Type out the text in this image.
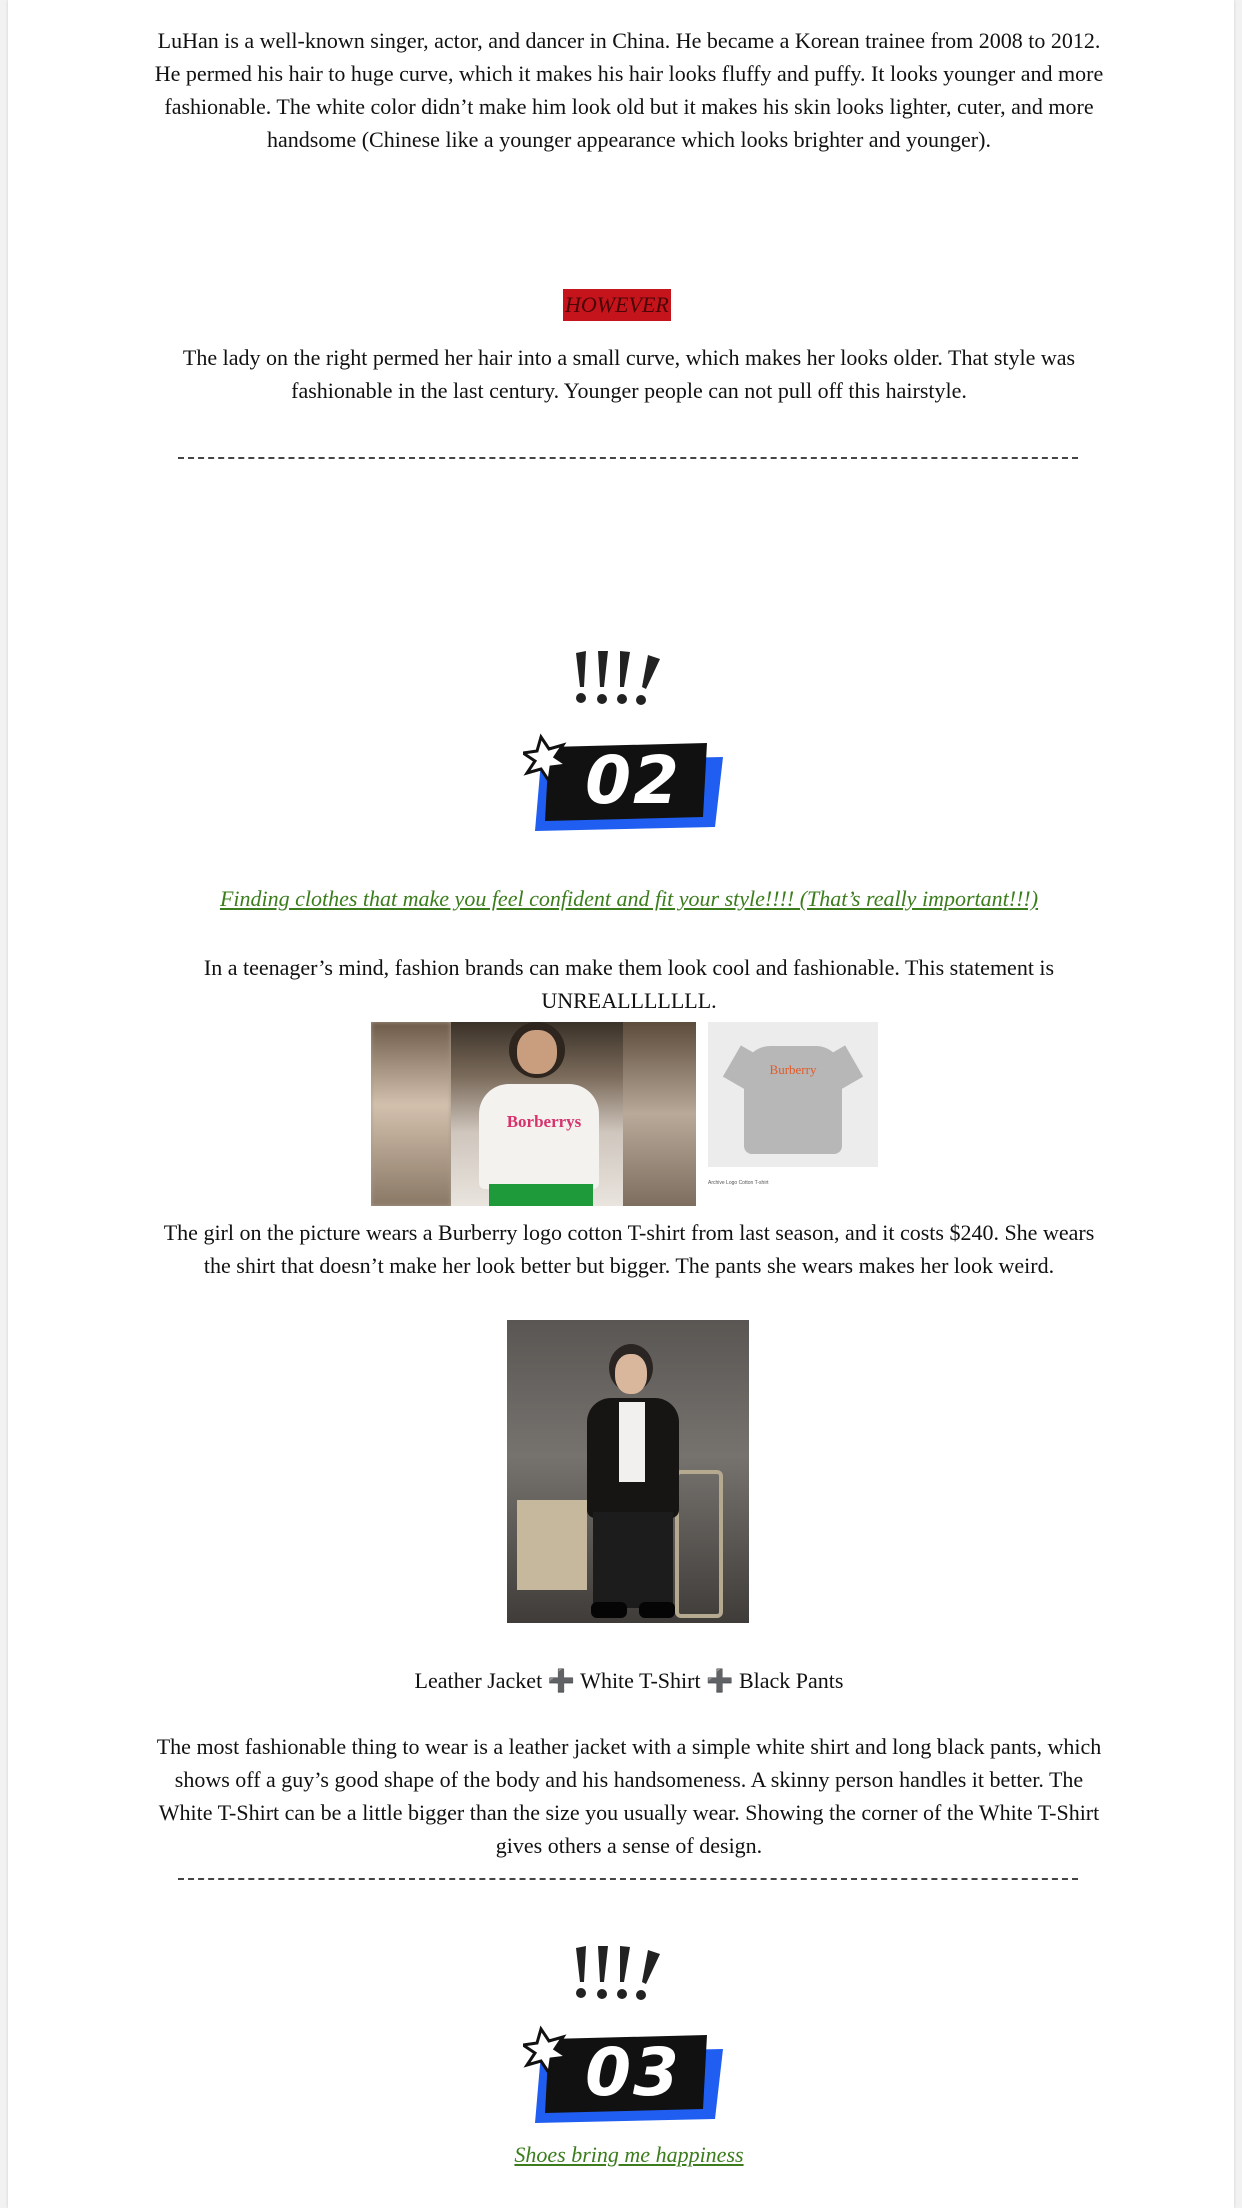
LuHan is a well-known singer, actor, and dancer in China. He became a Korean trainee from 2008 to 2012.

He permed his hair to huge curve, which it makes his hair looks fluffy and puffy. It looks younger and more fashionable. The white color didn’t make him look old but it makes his skin looks lighter, cuter, and more handsome (Chinese like a younger appearance which looks brighter and younger).

HOWEVER
The lady on the right permed her hair into a small curve, which makes her looks older. That style was fashionable in the last century. Younger people can not pull off this hairstyle.
02
Finding clothes that make you feel confident and fit your style!!!! (That’s really important!!!)
In a teenager’s mind, fashion brands can make them look cool and fashionable. This statement is UNREALLLLLLL.
Borberrys
Burberry
Archive Logo Cotton T-shirt
The girl on the picture wears a Burberry logo cotton T-shirt from last season, and it costs $240. She wears the shirt that doesn’t make her look better but bigger. The pants she wears makes her look weird.
Leather Jacket ➕ White T-Shirt ➕ Black Pants
The most fashionable thing to wear is a leather jacket with a simple white shirt and long black pants, which shows off a guy’s good shape of the body and his handsomeness. A skinny person handles it better. The White T-Shirt can be a little bigger than the size you usually wear. Showing the corner of the White T-Shirt gives others a sense of design.
03
Shoes bring me happiness
